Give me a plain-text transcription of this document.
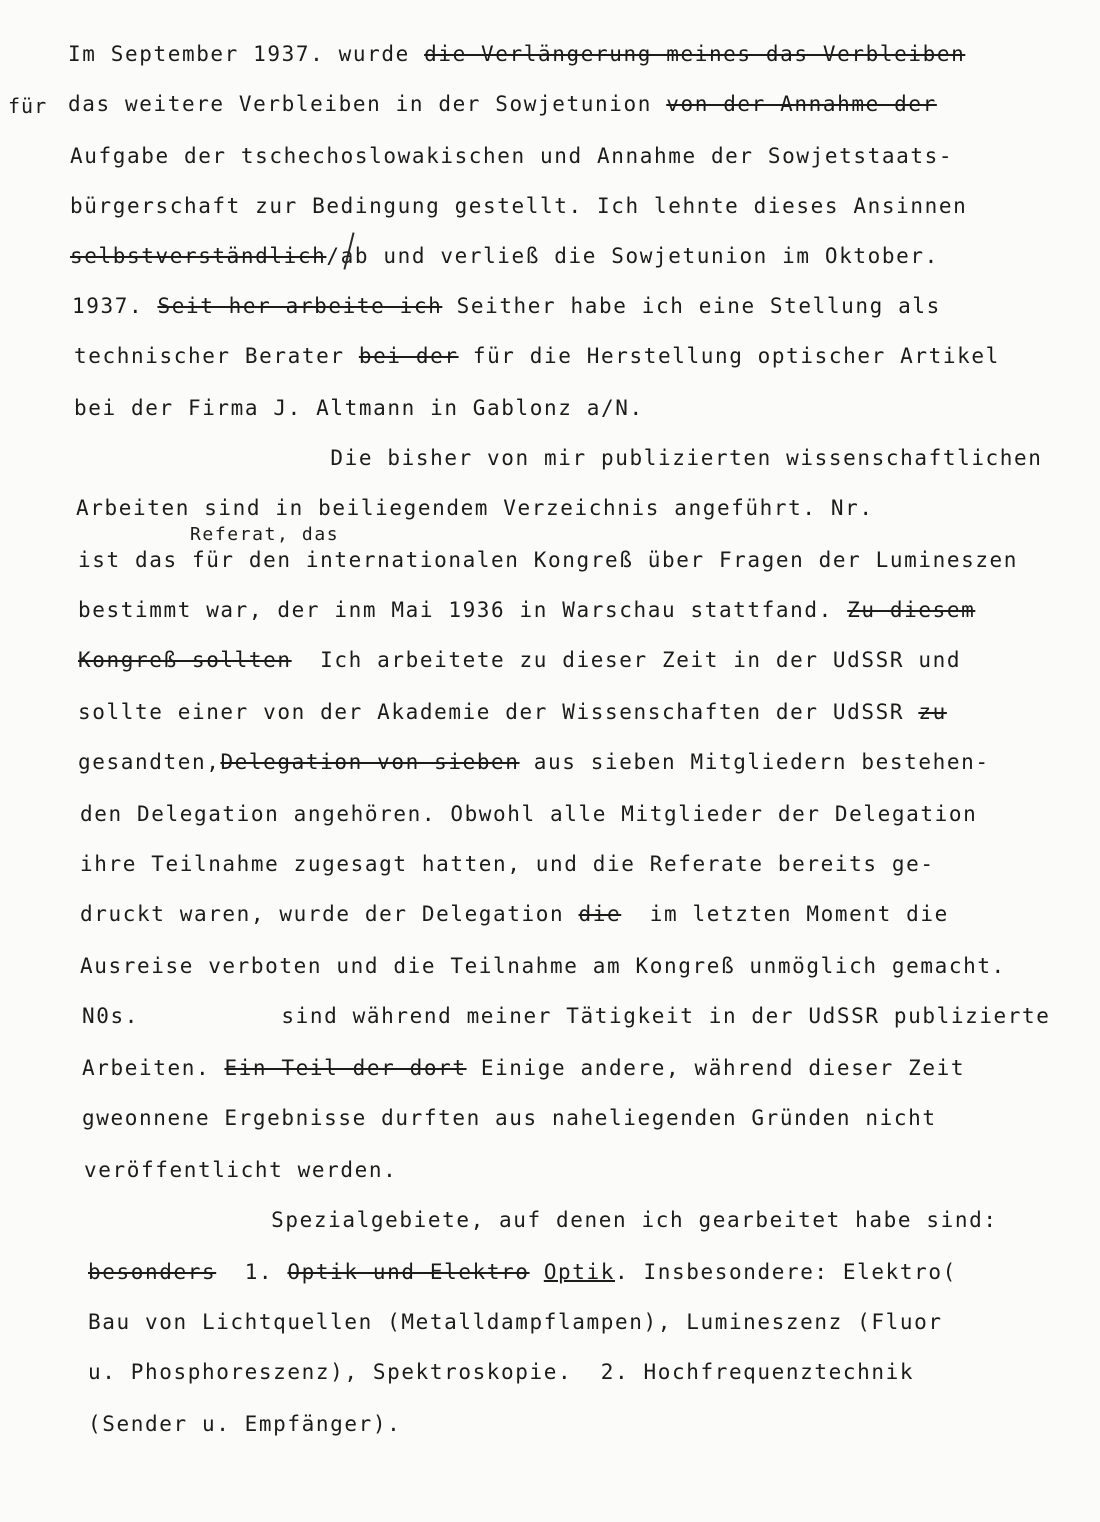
für
Im September 1937. wurde die-Verlängerung-meines-das-Verbleiben
das weitere Verbleiben in der Sowjetunion von-der-Annahme-der
Aufgabe der tschechoslowakischen und Annahme der Sowjetstaats-
bürgerschaft zur Bedingung gestellt. Ich lehnte dieses Ansinnen
selbstverständlich/ab und verließ die Sowjetunion im Oktober.
1937. Seit-her-arbeite-ich Seither habe ich eine Stellung als
technischer Berater bei-der für die Herstellung optischer Artikel
bei der Firma J. Altmann in Gablonz a/N.
Die bisher von mir publizierten wissenschaftlichen
Arbeiten sind in beiliegendem Verzeichnis angeführt. Nr.
ist das für den internationalen Kongreß über Fragen der Lumineszen
bestimmt war, der inm Mai 1936 in Warschau stattfand. Zu-diesem
Kongreß-sollten  Ich arbeitete zu dieser Zeit in der UdSSR und
sollte einer von der Akademie der Wissenschaften der UdSSR zu
gesandten,Delegation-von-sieben aus sieben Mitgliedern bestehen-
den Delegation angehören. Obwohl alle Mitglieder der Delegation
ihre Teilnahme zugesagt hatten, und die Referate bereits ge-
druckt waren, wurde der Delegation die  im letzten Moment die
Ausreise verboten und die Teilnahme am Kongreß unmöglich gemacht.
N0s.          sind während meiner Tätigkeit in der UdSSR publizierte
Arbeiten. Ein-Teil-der-dort Einige andere, während dieser Zeit
gweonnene Ergebnisse durften aus naheliegenden Gründen nicht
veröffentlicht werden.
Spezialgebiete, auf denen ich gearbeitet habe sind:
besonders  1. Optik-und-Elektro Optik. Insbesondere: Elektro(
Bau von Lichtquellen (Metalldampflampen), Lumineszenz (Fluor
u. Phosphoreszenz), Spektroskopie.  2. Hochfrequenztechnik
(Sender u. Empfänger).
Referat, das
